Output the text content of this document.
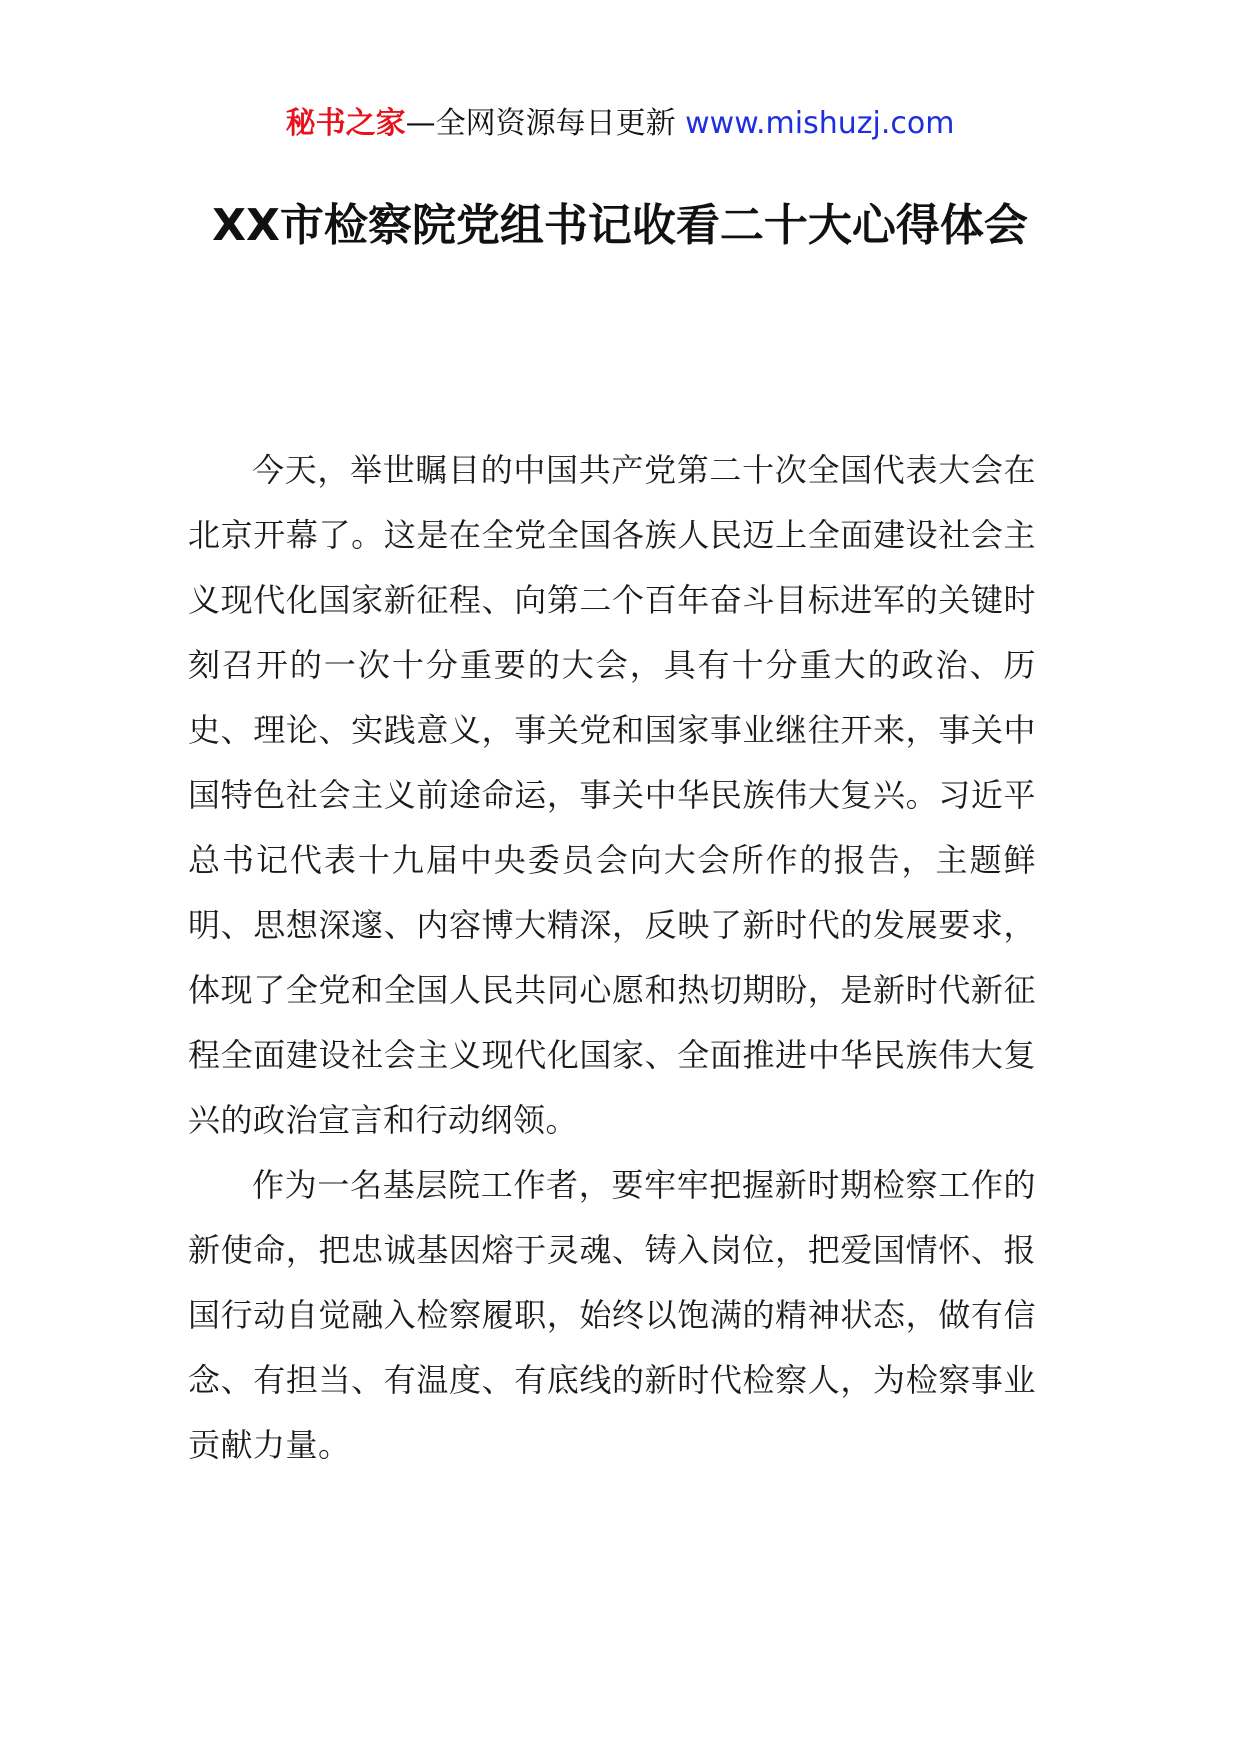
秘书之家—全网资源每日更新 www.mishuzj.com
XX市检察院党组书记收看二十大心得体会

今天，举世瞩目的中国共产党第二十次全国代表大会在北京开幕了。这是在全党全国各族人民迈上全面建设社会主义现代化国家新征程、向第二个百年奋斗目标进军的关键时刻召开的一次十分重要的大会，具有十分重大的政治、历史、理论、实践意义，事关党和国家事业继往开来，事关中国特色社会主义前途命运，事关中华民族伟大复兴。习近平总书记代表十九届中央委员会向大会所作的报告，主题鲜明、思想深邃、内容博大精深，反映了新时代的发展要求，体现了全党和全国人民共同心愿和热切期盼，是新时代新征程全面建设社会主义现代化国家、全面推进中华民族伟大复兴的政治宣言和行动纲领。

作为一名基层院工作者，要牢牢把握新时期检察工作的新使命，把忠诚基因熔于灵魂、铸入岗位，把爱国情怀、报国行动自觉融入检察履职，始终以饱满的精神状态，做有信念、有担当、有温度、有底线的新时代检察人，为检察事业贡献力量。
